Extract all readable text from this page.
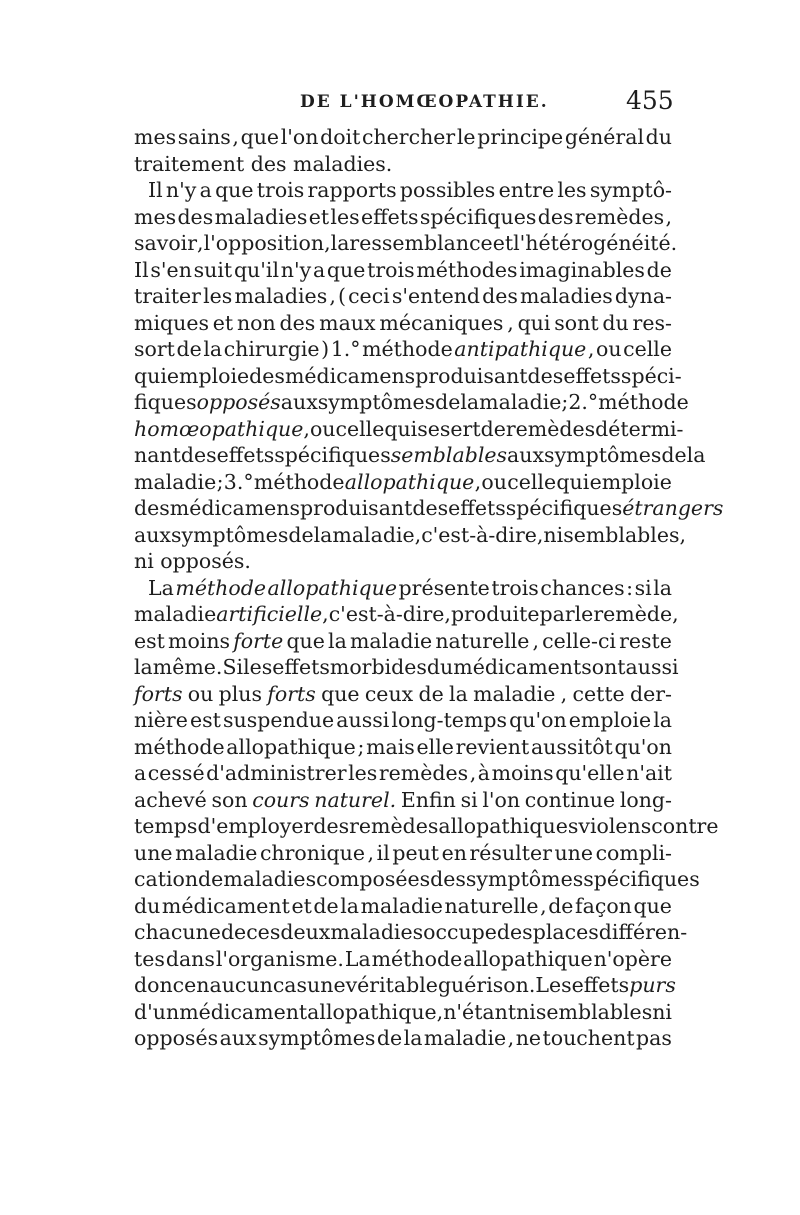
DE L'HOMŒOPATHIE.	455
mes sains , que l'on doit chercher le principe général du
traitement des maladies.
Il n'y a que trois rapports possibles entre les symptô-
mes des maladies et les effets spécifiques des remèdes ,
savoir , l'opposition , la ressemblance et l'hétérogénéité.
Il s'en suit qu'il n'y a que trois méthodes imaginables de
traiter les maladies , ( ceci s'entend des maladies dyna-
miques et non des maux mécaniques , qui sont du res-
sort de la chirurgie ) 1.° méthode antipathique , ou celle
qui emploie des médicamens produisant des effets spéci-
fiques opposés aux symptômes de la maladie ; 2.° méthode
homœopathique , ou celle qui se sert de remèdes détermi-
nant des effets spécifiques semblables aux symptômes de la
maladie ; 3.° méthode allopathique , ou celle qui emploie
des médicamens produisant des effets spécifiques étrangers
aux symptômes de la maladie , c'est-à-dire , ni semblables ,
ni opposés.
La méthode allopathique présente trois chances : si la
maladie artificielle , c'est-à-dire , produite par le remède ,
est moins forte que la maladie naturelle , celle-ci reste
la même. Si les effets morbides du médicament sont aussi
forts ou plus forts que ceux de la maladie , cette der-
nière est suspendue aussi long-temps qu'on emploie la
méthode allopathique ; mais elle revient aussitôt qu'on
a cessé d'administrer les remèdes , à moins qu'elle n'ait
achevé son cours naturel. Enfin si l'on continue long-
temps d'employer des remèdes allopathiques violens contre
une maladie chronique , il peut en résulter une compli-
cation de maladies composées des symptômes spécifiques
du médicament et de la maladie naturelle , de façon que
chacune de ces deux maladies occupe des places différen-
tes dans l'organisme. La méthode allopathique n'opère
donc en aucun cas une véritable guérison. Les effets purs
d'un médicament allopathique , n'étant ni semblables ni
opposés aux symptômes de la maladie , ne touchent pas
